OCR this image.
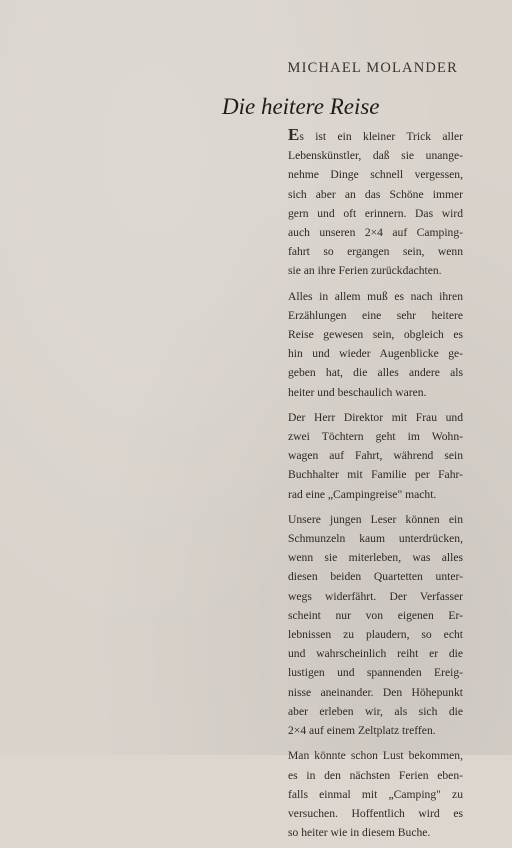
MICHAEL MOLANDER
Die heitere Reise
Es ist ein kleiner Trick aller
Lebenskünstler, daß sie unange-
nehme Dinge schnell vergessen,
sich aber an das Schöne immer
gern und oft erinnern. Das wird
auch unseren 2×4 auf Camping-
fahrt so ergangen sein, wenn
sie an ihre Ferien zurückdachten.
Alles in allem muß es nach ihren
Erzählungen eine sehr heitere
Reise gewesen sein, obgleich es
hin und wieder Augenblicke ge-
geben hat, die alles andere als
heiter und beschaulich waren.
Der Herr Direktor mit Frau und
zwei Töchtern geht im Wohn-
wagen auf Fahrt, während sein
Buchhalter mit Familie per Fahr-
rad eine „Campingreise" macht.
Unsere jungen Leser können ein
Schmunzeln kaum unterdrücken,
wenn sie miterleben, was alles
diesen beiden Quartetten unter-
wegs widerfährt. Der Verfasser
scheint nur von eigenen Er-
lebnissen zu plaudern, so echt
und wahrscheinlich reiht er die
lustigen und spannenden Ereig-
nisse aneinander. Den Höhepunkt
aber erleben wir, als sich die
2×4 auf einem Zeltplatz treffen.
Man könnte schon Lust bekommen,
es in den nächsten Ferien eben-
falls einmal mit „Camping" zu
versuchen. Hoffentlich wird es
so heiter wie in diesem Buche.
